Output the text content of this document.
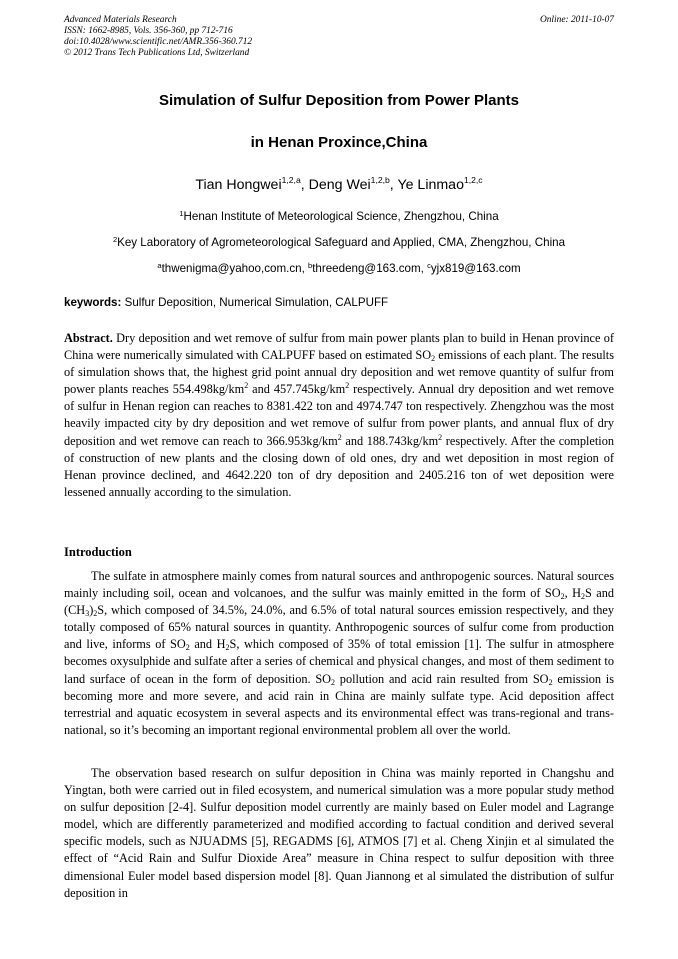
Advanced Materials Research
ISSN: 1662-8985, Vols. 356-360, pp 712-716
doi:10.4028/www.scientific.net/AMR.356-360.712
© 2012 Trans Tech Publications Ltd, Switzerland
Online: 2011-10-07
Simulation of Sulfur Deposition from Power Plants
in Henan Proxince,China
Tian Hongwei$^{1,2,a}$, Deng Wei$^{1,2,b}$, Ye Linmao$^{1,2,c}$
$^1$Henan Institute of Meteorological Science, Zhengzhou, China
$^2$Key Laboratory of Agrometeorological Safeguard and Applied, CMA, Zhengzhou, China
$^a$thwenigma@yahoo,com.cn, $^b$threedeng@163.com, $^c$yjx819@163.com
keywords: Sulfur Deposition, Numerical Simulation, CALPUFF
Abstract. Dry deposition and wet remove of sulfur from main power plants plan to build in Henan province of China were numerically simulated with CALPUFF based on estimated $SO_2$ emissions of each plant. The results of simulation shows that, the highest grid point annual dry deposition and wet remove quantity of sulfur from power plants reaches $554.498kg/km^2$ and $457.745kg/km^2$ respectively. Annual dry deposition and wet remove of sulfur in Henan region can reaches to 8381.422 ton and 4974.747 ton respectively. Zhengzhou was the most heavily impacted city by dry deposition and wet remove of sulfur from power plants, and annual flux of dry deposition and wet remove can reach to $366.953kg/km^2$ and $188.743kg/km^2$ respectively. After the completion of construction of new plants and the closing down of old ones, dry and wet deposition in most region of Henan province declined, and 4642.220 ton of dry deposition and 2405.216 ton of wet deposition were lessened annually according to the simulation.
Introduction
The sulfate in atmosphere mainly comes from natural sources and anthropogenic sources. Natural sources mainly including soil, ocean and volcanoes, and the sulfur was mainly emitted in the form of $SO_2$, $H_2S$ and $(CH_3)_2S$, which composed of 34.5%, 24.0%, and 6.5% of total natural sources emission respectively, and they totally composed of 65% natural sources in quantity. Anthropogenic sources of sulfur come from production and live, informs of $SO_2$ and $H_2S$, which composed of 35% of total emission [1]. The sulfur in atmosphere becomes oxysulphide and sulfate after a series of chemical and physical changes, and most of them sediment to land surface of ocean in the form of deposition. $SO_2$ pollution and acid rain resulted from $SO_2$ emission is becoming more and more severe, and acid rain in China are mainly sulfate type. Acid deposition affect terrestrial and aquatic ecosystem in several aspects and its environmental effect was trans-regional and trans-national, so it’s becoming an important regional environmental problem all over the world.
The observation based research on sulfur deposition in China was mainly reported in Changshu and Yingtan, both were carried out in filed ecosystem, and numerical simulation was a more popular study method on sulfur deposition [2-4]. Sulfur deposition model currently are mainly based on Euler model and Lagrange model, which are differently parameterized and modified according to factual condition and derived several specific models, such as NJUADMS [5], REGADMS [6], ATMOS [7] et al. Cheng Xinjin et al simulated the effect of “Acid Rain and Sulfur Dioxide Area” measure in China respect to sulfur deposition with three dimensional Euler model based dispersion model [8]. Quan Jiannong et al simulated the distribution of sulfur deposition in
